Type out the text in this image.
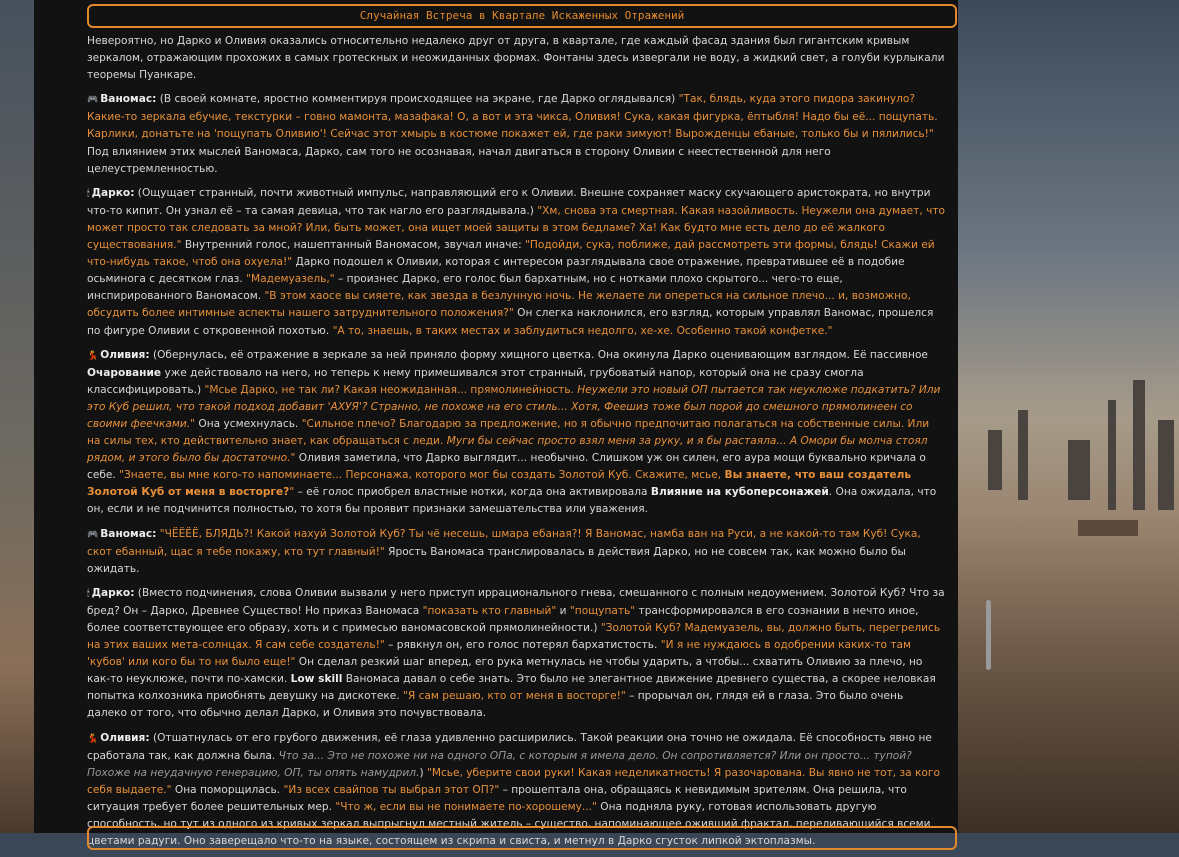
Случайная Встреча в Квартале Искаженных Отражений

Невероятно, но Дарко и Оливия оказались относительно недалеко друг от друга, в квартале, где каждый фасад здания был гигантским кривым зеркалом, отражающим прохожих в самых гротескных и неожиданных формах. Фонтаны здесь извергали не воду, а жидкий свет, а голуби курлыкали теоремы Пуанкаре.

🎮 Ваномас: (В своей комнате, яростно комментируя происходящее на экране, где Дарко оглядывался) "Так, блядь, куда этого пидора закинуло? Какие-то зеркала ебучие, текстурки – говно мамонта, мазафака! О, а вот и эта чикса, Оливия! Сука, какая фигурка, ёптыбля! Надо бы её... пощупать. Карлики, донатьте на 'пощупать Оливию'! Сейчас этот хмырь в костюме покажет ей, где раки зимуют! Вырожденцы ебаные, только бы и пялились!" Под влиянием этих мыслей Ваномаса, Дарко, сам того не осознавая, начал двигаться в сторону Оливии с неестественной для него целеустремленностью.

🕯 Дарко: (Ощущает странный, почти животный импульс, направляющий его к Оливии. Внешне сохраняет маску скучающего аристократа, но внутри что-то кипит. Он узнал её – та самая девица, что так нагло его разглядывала.) "Хм, снова эта смертная. Какая назойливость. Неужели она думает, что может просто так следовать за мной? Или, быть может, она ищет моей защиты в этом бедламе? Ха! Как будто мне есть дело до её жалкого существования." Внутренний голос, нашептанный Ваномасом, звучал иначе: "Подойди, сука, поближе, дай рассмотреть эти формы, блядь! Скажи ей что-нибудь такое, чтоб она охуела!" Дарко подошел к Оливии, которая с интересом разглядывала свое отражение, превратившее её в подобие осьминога с десятком глаз. "Мадемуазель," – произнес Дарко, его голос был бархатным, но с нотками плохо скрытого... чего-то еще, инспирированного Ваномасом. "В этом хаосе вы сияете, как звезда в безлунную ночь. Не желаете ли опереться на сильное плечо... и, возможно, обсудить более интимные аспекты нашего затруднительного положения?" Он слегка наклонился, его взгляд, которым управлял Ваномас, прошелся по фигуре Оливии с откровенной похотью. "А то, знаешь, в таких местах и заблудиться недолго, хе-хе. Особенно такой конфетке."

💃 Оливия: (Обернулась, её отражение в зеркале за ней приняло форму хищного цветка. Она окинула Дарко оценивающим взглядом. Её пассивное Очарование уже действовало на него, но теперь к нему примешивался этот странный, грубоватый напор, который она не сразу смогла классифицировать.) "Мсье Дарко, не так ли? Какая неожиданная... прямолинейность. Неужели это новый ОП пытается так неуклюже подкатить? Или это Куб решил, что такой подход добавит 'АХУЯ'? Странно, не похоже на его стиль... Хотя, Феешиз тоже был порой до смешного прямолинеен со своими феечками." Она усмехнулась. "Сильное плечо? Благодарю за предложение, но я обычно предпочитаю полагаться на собственные силы. Или на силы тех, кто действительно знает, как обращаться с леди. Муги бы сейчас просто взял меня за руку, и я бы растаяла... А Омори бы молча стоял рядом, и этого было бы достаточно." Оливия заметила, что Дарко выглядит... необычно. Слишком уж он силен, его аура мощи буквально кричала о себе. "Знаете, вы мне кого-то напоминаете... Персонажа, которого мог бы создать Золотой Куб. Скажите, мсье, Вы знаете, что ваш создатель Золотой Куб от меня в восторге?" – её голос приобрел властные нотки, когда она активировала Влияние на кубоперсонажей. Она ожидала, что он, если и не подчинится полностью, то хотя бы проявит признаки замешательства или уважения.

🎮 Ваномас: "ЧЁЁЁЁ, БЛЯДЬ?! Какой нахуй Золотой Куб? Ты чё несешь, шмара ебаная?! Я Ваномас, намба ван на Руси, а не какой-то там Куб! Сука, скот ебанный, щас я тебе покажу, кто тут главный!" Ярость Ваномаса транслировалась в действия Дарко, но не совсем так, как можно было бы ожидать.

🕯 Дарко: (Вместо подчинения, слова Оливии вызвали у него приступ иррационального гнева, смешанного с полным недоумением. Золотой Куб? Что за бред? Он – Дарко, Древнее Существо! Но приказ Ваномаса "показать кто главный" и "пощупать" трансформировался в его сознании в нечто иное, более соответствующее его образу, хоть и с примесью ваномасовской прямолинейности.) "Золотой Куб? Мадемуазель, вы, должно быть, перегрелись на этих ваших мета-солнцах. Я сам себе создатель!" – рявкнул он, его голос потерял бархатистость. "И я не нуждаюсь в одобрении каких-то там 'кубов' или кого бы то ни было еще!" Он сделал резкий шаг вперед, его рука метнулась не чтобы ударить, а чтобы... схватить Оливию за плечо, но как-то неуклюже, почти по-хамски. Low skill Ваномаса давал о себе знать. Это было не элегантное движение древнего существа, а скорее неловкая попытка колхозника приобнять девушку на дискотеке. "Я сам решаю, кто от меня в восторге!" – прорычал он, глядя ей в глаза. Это было очень далеко от того, что обычно делал Дарко, и Оливия это почувствовала.

💃 Оливия: (Отшатнулась от его грубого движения, её глаза удивленно расширились. Такой реакции она точно не ожидала. Её способность явно не сработала так, как должна была. Что за... Это не похоже ни на одного ОПа, с которым я имела дело. Он сопротивляется? Или он просто... тупой? Похоже на неудачную генерацию, ОП, ты опять намудрил.) "Мсье, уберите свои руки! Какая неделикатность! Я разочарована. Вы явно не тот, за кого себя выдаете." Она поморщилась. "Из всех свайпов ты выбрал этот ОП?" – прошептала она, обращаясь к невидимым зрителям. Она решила, что ситуация требует более решительных мер. "Что ж, если вы не понимаете по-хорошему..." Она подняла руку, готовая использовать другую способность, но тут из одного из кривых зеркал выпрыгнул местный житель – существо, напоминающее оживший фрактал, переливающийся всеми цветами радуги. Оно заверещало что-то на языке, состоящем из скрипа и свиста, и метнул в Дарко сгусток липкой эктоплазмы.
